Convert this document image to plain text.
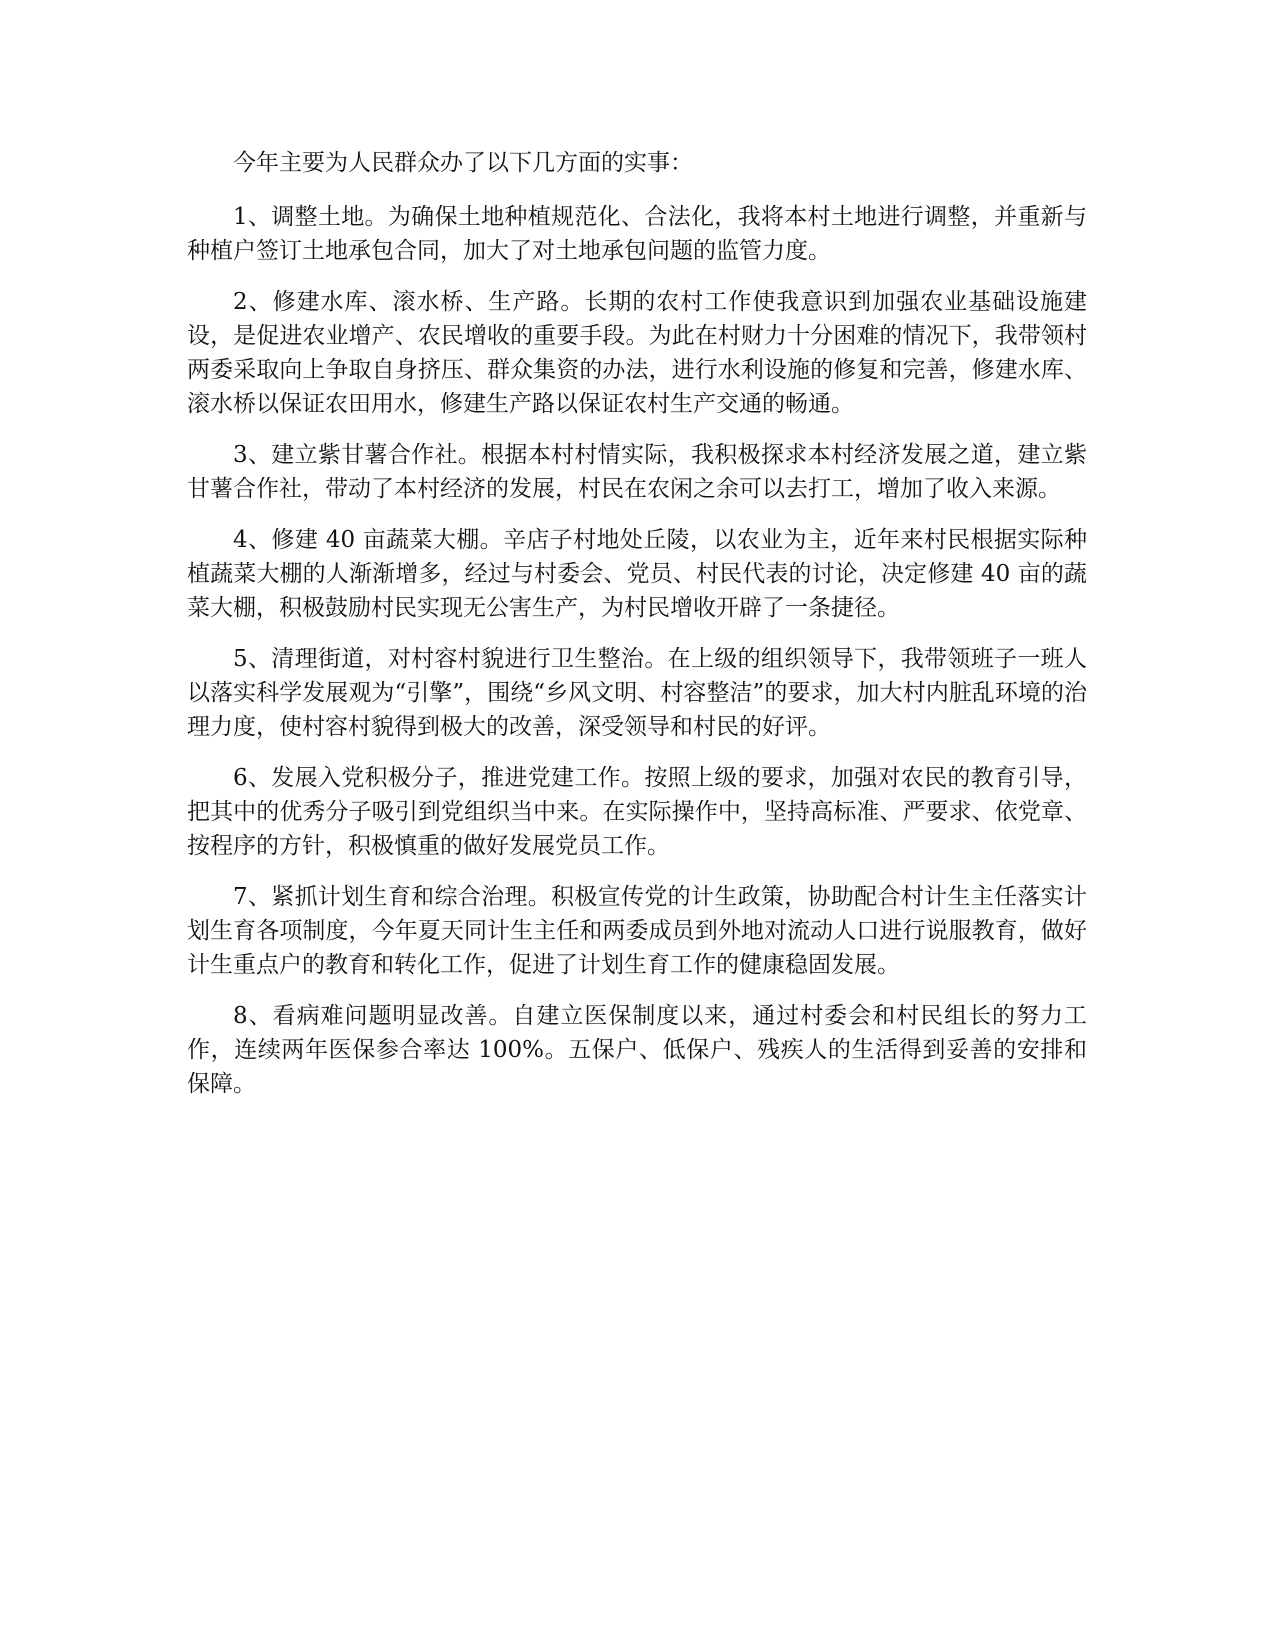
今年主要为人民群众办了以下几方面的实事：

1、调整土地。为确保土地种植规范化、合法化，我将本村土地进行调整，并重新与种植户签订土地承包合同，加大了对土地承包问题的监管力度。

2、修建水库、滚水桥、生产路。长期的农村工作使我意识到加强农业基础设施建设，是促进农业增产、农民增收的重要手段。为此在村财力十分困难的情况下，我带领村两委采取向上争取自身挤压、群众集资的办法，进行水利设施的修复和完善，修建水库、滚水桥以保证农田用水，修建生产路以保证农村生产交通的畅通。

3、建立紫甘薯合作社。根据本村村情实际，我积极探求本村经济发展之道，建立紫甘薯合作社，带动了本村经济的发展，村民在农闲之余可以去打工，增加了收入来源。

4、修建 40 亩蔬菜大棚。辛店子村地处丘陵，以农业为主，近年来村民根据实际种植蔬菜大棚的人渐渐增多，经过与村委会、党员、村民代表的讨论，决定修建 40 亩的蔬菜大棚，积极鼓励村民实现无公害生产，为村民增收开辟了一条捷径。

5、清理街道，对村容村貌进行卫生整治。在上级的组织领导下，我带领班子一班人以落实科学发展观为“引擎”，围绕“乡风文明、村容整洁”的要求，加大村内脏乱环境的治理力度，使村容村貌得到极大的改善，深受领导和村民的好评。

6、发展入党积极分子，推进党建工作。按照上级的要求，加强对农民的教育引导，把其中的优秀分子吸引到党组织当中来。在实际操作中，坚持高标准、严要求、依党章、按程序的方针，积极慎重的做好发展党员工作。

7、紧抓计划生育和综合治理。积极宣传党的计生政策，协助配合村计生主任落实计划生育各项制度，今年夏天同计生主任和两委成员到外地对流动人口进行说服教育，做好计生重点户的教育和转化工作，促进了计划生育工作的健康稳固发展。

8、看病难问题明显改善。自建立医保制度以来，通过村委会和村民组长的努力工作，连续两年医保参合率达 100%。五保户、低保户、残疾人的生活得到妥善的安排和保障。
